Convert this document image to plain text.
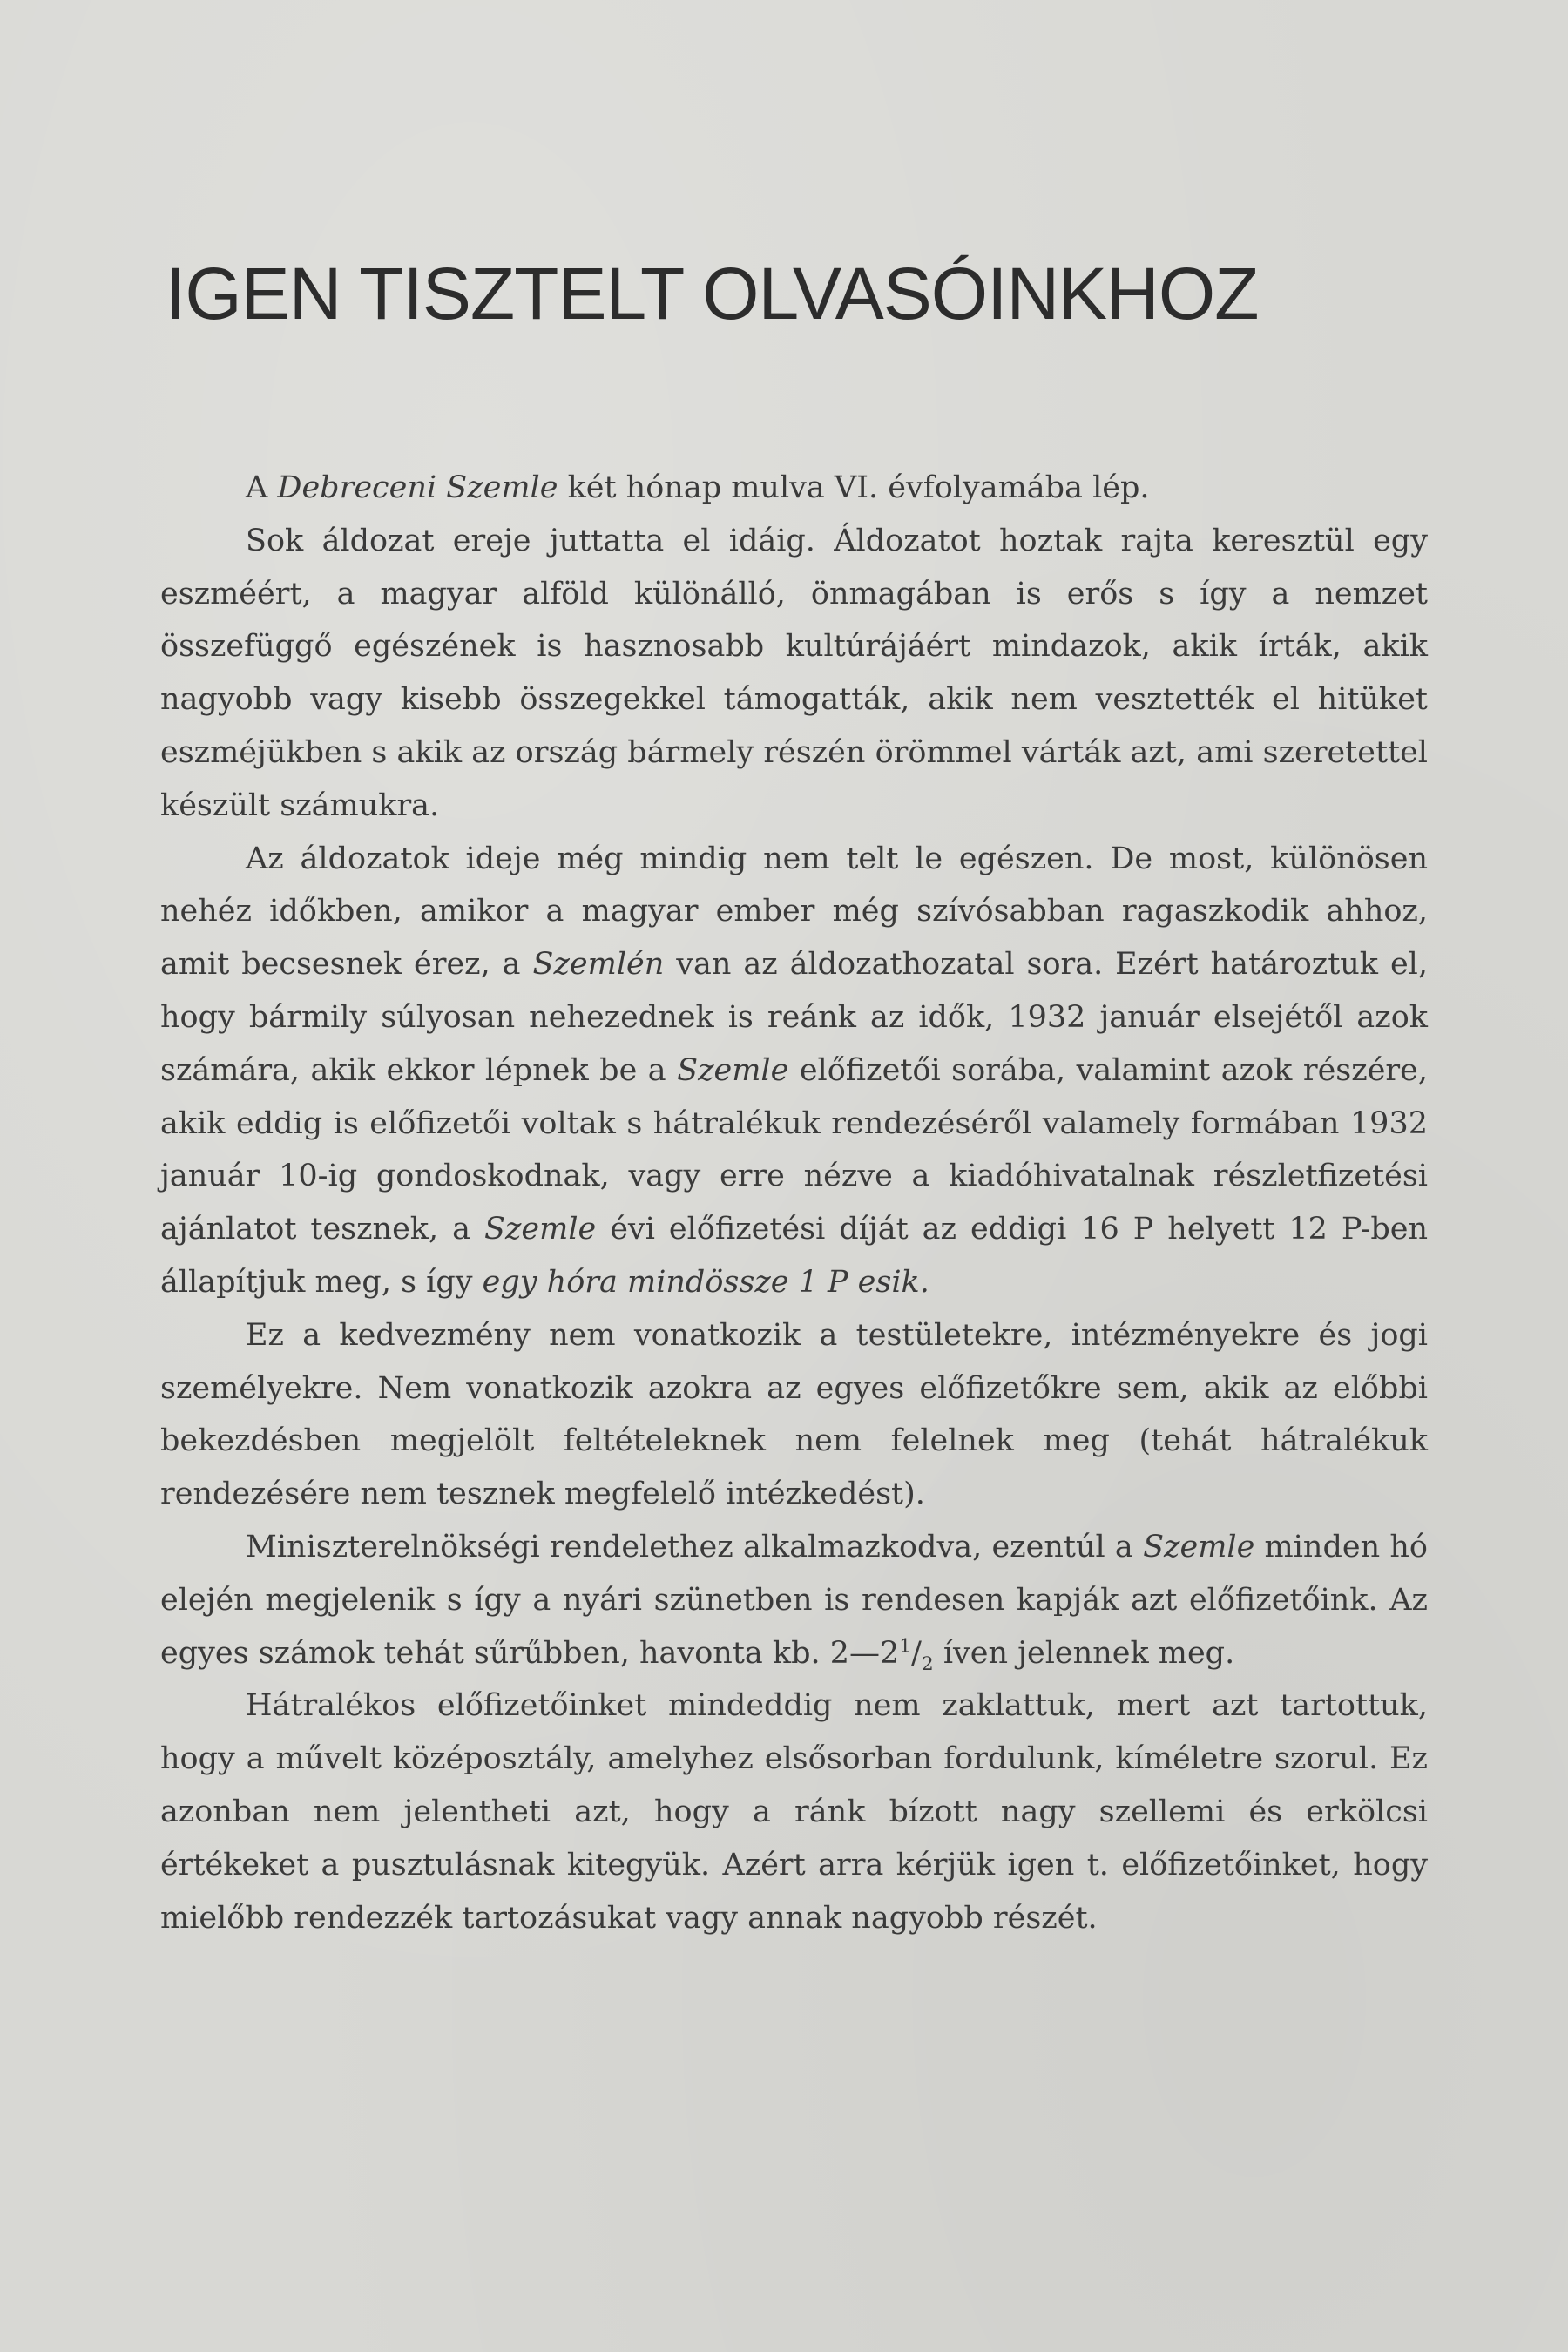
IGEN TISZTELT OLVASÓINKHOZ

A Debreceni Szemle két hónap mulva VI. évfolyamába lép.

Sok áldozat ereje juttatta el idáig. Áldozatot hoztak rajta keresztül egy eszméért, a magyar alföld különálló, önmagában is erős s így a nemzet összefüggő egészének is hasznosabb kultúrájáért mindazok, akik írták, akik nagyobb vagy kisebb összegekkel támogatták, akik nem vesztették el hitüket eszméjükben s akik az ország bármely részén örömmel várták azt, ami szeretettel készült számukra.

Az áldozatok ideje még mindig nem telt le egészen. De most, különösen nehéz időkben, amikor a magyar ember még szívósabban ragaszkodik ahhoz, amit becsesnek érez, a Szemlén van az áldozathozatal sora. Ezért határoztuk el, hogy bármily súlyosan nehezednek is reánk az idők, 1932 január elsejétől azok számára, akik ekkor lépnek be a Szemle előfizetői sorába, valamint azok részére, akik eddig is előfizetői voltak s hátralékuk rendezéséről valamely formában 1932 január 10-ig gondoskodnak, vagy erre nézve a kiadóhivatalnak részletfizetési ajánlatot tesznek, a Szemle évi előfizetési díját az eddigi 16 P helyett 12 P-ben állapítjuk meg, s így egy hóra mindössze 1 P esik.

Ez a kedvezmény nem vonatkozik a testületekre, intézményekre és jogi személyekre. Nem vonatkozik azokra az egyes előfizetőkre sem, akik az előbbi bekezdésben megjelölt feltételeknek nem felelnek meg (tehát hátralékuk rendezésére nem tesznek megfelelő intézkedést).

Miniszterelnökségi rendelethez alkalmazkodva, ezentúl a Szemle minden hó elején megjelenik s így a nyári szünetben is rendesen kapják azt előfizetőink. Az egyes számok tehát sűrűbben, havonta kb. $2—2^1/_2$ íven jelennek meg.

Hátralékos előfizetőinket mindeddig nem zaklattuk, mert azt tartottuk, hogy a művelt középosztály, amelyhez elsősorban fordulunk, kíméletre szorul. Ez azonban nem jelentheti azt, hogy a ránk bízott nagy szellemi és erkölcsi értékeket a pusztulásnak kitegyük. Azért arra kérjük igen t. előfizetőinket, hogy mielőbb rendezzék tartozásukat vagy annak nagyobb részét.
